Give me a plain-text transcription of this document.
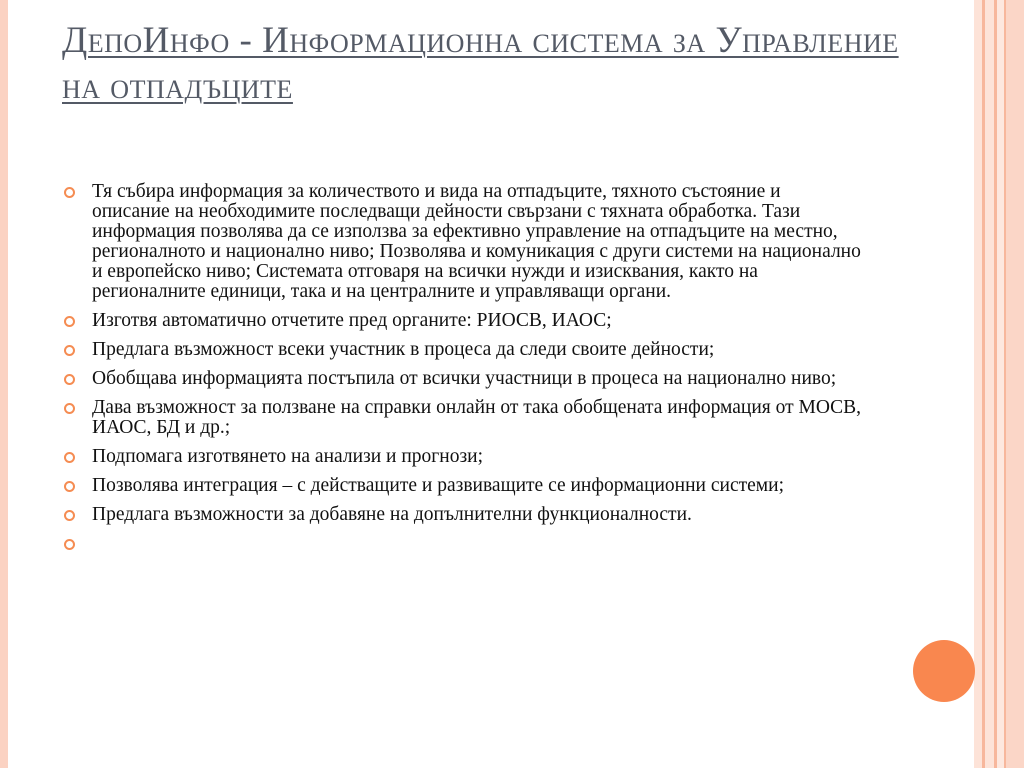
ДепоИнфо - Информационна система за Управление на отпадъците
Тя събира информация за количеството и вида на отпадъците, тяхното състояние и описание на необходимите последващи дейности свързани с тяхната обработка. Тази информация позволява да се използва за ефективно управление на отпадъците на местно, регионалното и национално ниво; Позволява и комуникация с други системи на национално и европейско ниво; Системата отговаря на всички нужди и изисквания, както на регионалните единици, така и на централните и управляващи органи.
Изготвя автоматично отчетите пред органите: РИОСВ, ИАОС;
Предлага възможност всеки участник в процеса да следи своите дейности;
Обобщава информацията постъпила от всички участници в процеса на национално ниво;
Дава възможност за ползване на справки онлайн от така обобщената информация от МОСВ, ИАОС, БД и др.;
Подпомага изготвянето на анализи и прогнози;
Позволява интеграция – с действащите и развиващите се информационни системи;
Предлага възможности за добавяне на допълнителни функционалности.
